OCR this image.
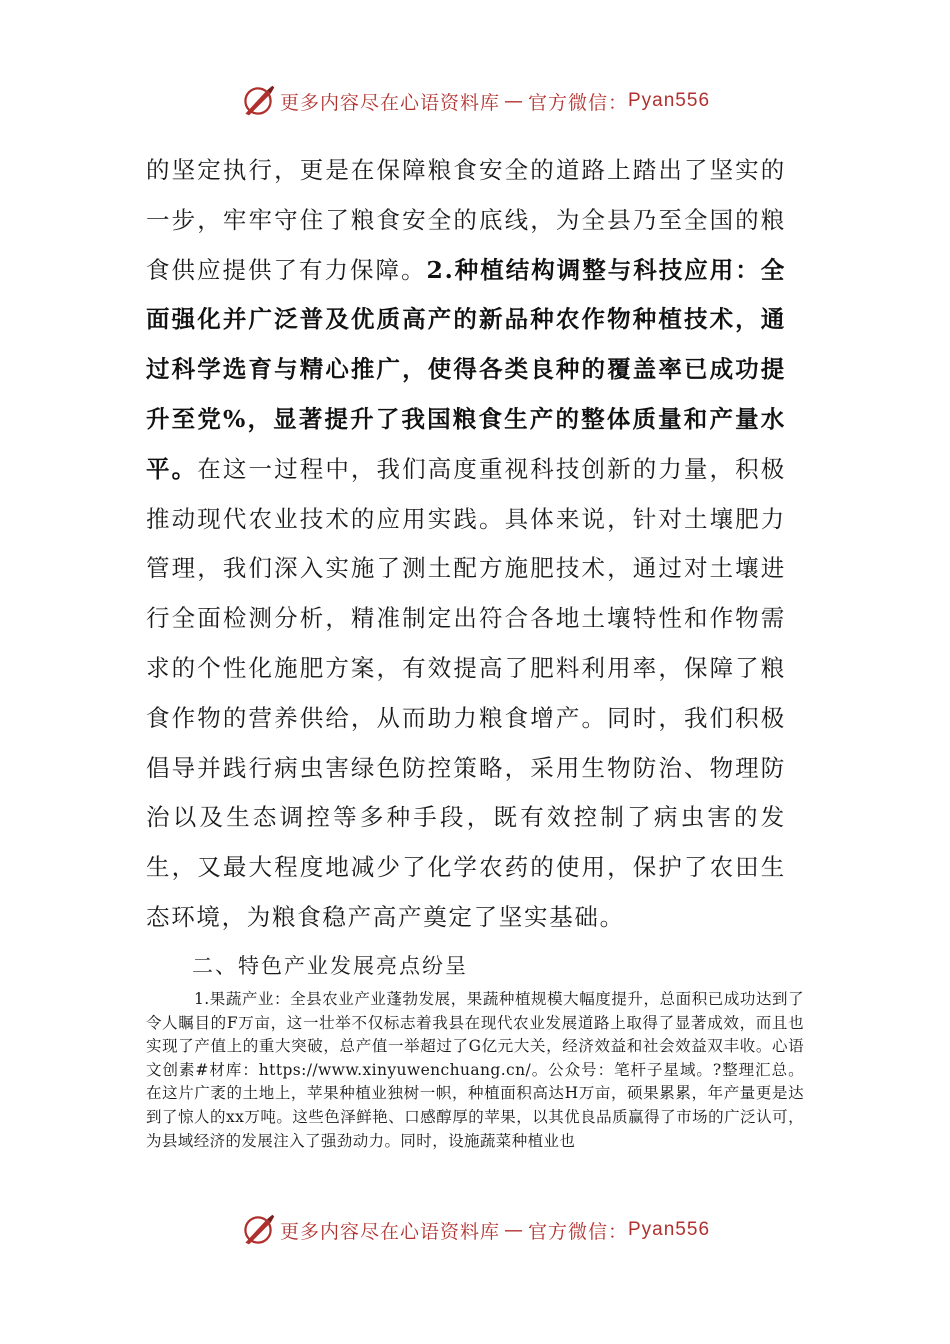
更多内容尽在心语资料库 — 官方微信： Pyan556

的坚定执行，更是在保障粮食安全的道路上踏出了坚实的一步，牢牢守住了粮食安全的底线，为全县乃至全国的粮食供应提供了有力保障。2.种植结构调整与科技应用：全面强化并广泛普及优质高产的新品种农作物种植技术，通过科学选育与精心推广，使得各类良种的覆盖率已成功提升至党%，显著提升了我国粮食生产的整体质量和产量水平。在这一过程中，我们高度重视科技创新的力量，积极推动现代农业技术的应用实践。具体来说，针对土壤肥力管理，我们深入实施了测土配方施肥技术，通过对土壤进行全面检测分析，精准制定出符合各地土壤特性和作物需求的个性化施肥方案，有效提高了肥料利用率，保障了粮食作物的营养供给，从而助力粮食增产。同时，我们积极倡导并践行病虫害绿色防控策略，采用生物防治、物理防治以及生态调控等多种手段，既有效控制了病虫害的发生，又最大程度地减少了化学农药的使用，保护了农田生态环境，为粮食稳产高产奠定了坚实基础。

二、特色产业发展亮点纷呈

1.果蔬产业：全县农业产业蓬勃发展，果蔬种植规模大幅度提升，总面积已成功达到了令人瞩目的F万亩，这一壮举不仅标志着我县在现代农业发展道路上取得了显著成效，而且也实现了产值上的重大突破，总产值一举超过了G亿元大关，经济效益和社会效益双丰收。心语文创素#材库：https://www.xinyuwenchuang.cn/。公众号：笔杆子星域。?整理汇总。在这片广袤的土地上，苹果种植业独树一帜，种植面积高达H万亩，硕果累累，年产量更是达到了惊人的xx万吨。这些色泽鲜艳、口感醇厚的苹果，以其优良品质赢得了市场的广泛认可，为县域经济的发展注入了强劲动力。同时，设施蔬菜种植业也

更多内容尽在心语资料库 — 官方微信： Pyan556
